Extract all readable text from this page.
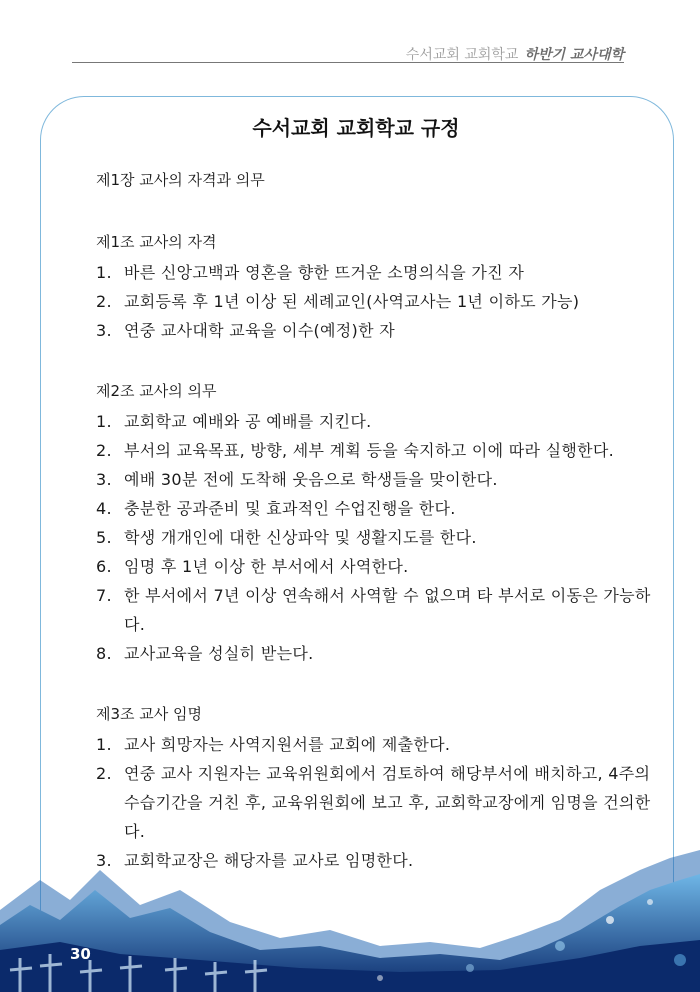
수서교회 교회학교 하반기 교사대학
수서교회 교회학교 규정
제1장 교사의 자격과 의무
제1조 교사의 자격
1. 바른 신앙고백과 영혼을 향한 뜨거운 소명의식을 가진 자
2. 교회등록 후 1년 이상 된 세례교인(사역교사는 1년 이하도 가능)
3. 연중 교사대학 교육을 이수(예정)한 자
제2조 교사의 의무
1. 교회학교 예배와 공 예배를 지킨다.
2. 부서의 교육목표, 방향, 세부 계획 등을 숙지하고 이에 따라 실행한다.
3. 예배 30분 전에 도착해 웃음으로 학생들을 맞이한다.
4. 충분한 공과준비 및 효과적인 수업진행을 한다.
5. 학생 개개인에 대한 신상파악 및 생활지도를 한다.
6. 임명 후 1년 이상 한 부서에서 사역한다.
7. 한 부서에서 7년 이상 연속해서 사역할 수 없으며 타 부서로 이동은 가능하다.
8. 교사교육을 성실히 받는다.
제3조 교사 임명
1. 교사 희망자는 사역지원서를 교회에 제출한다.
2. 연중 교사 지원자는 교육위원회에서 검토하여 해당부서에 배치하고, 4주의 수습기간을 거친 후, 교육위원회에 보고 후, 교회학교장에게 임명을 건의한다.
3. 교회학교장은 해당자를 교사로 임명한다.
30
